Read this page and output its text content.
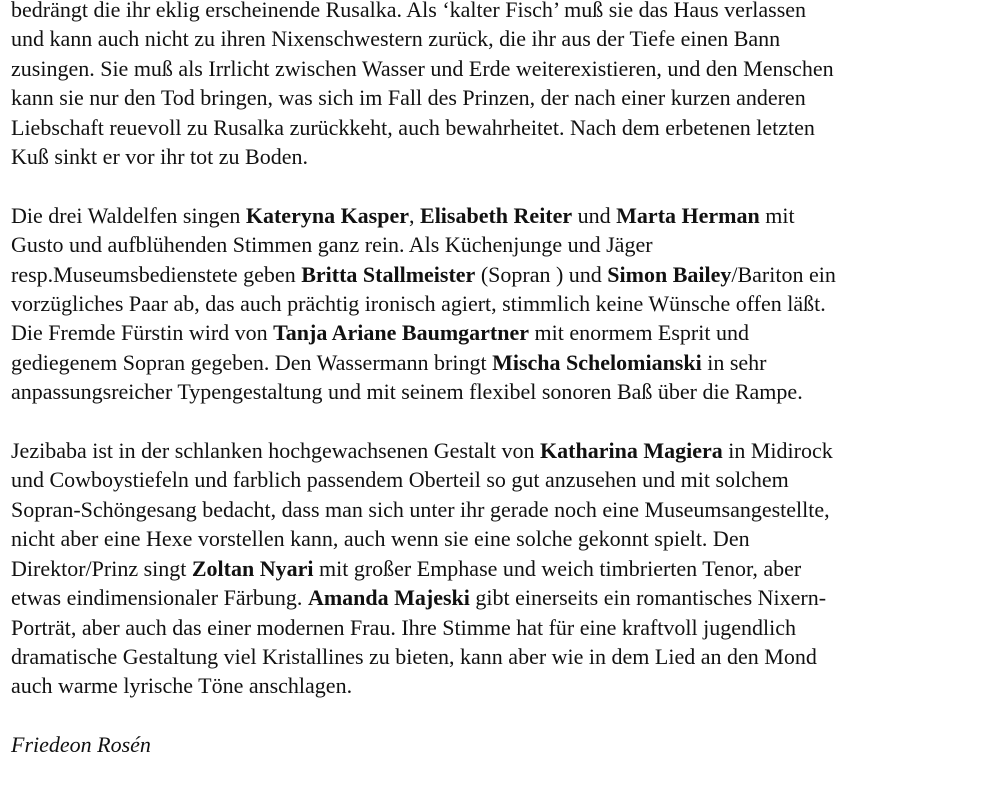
bedrängt die ihr eklig erscheinende Rusalka. Als ‘kalter Fisch’ muß sie das Haus verlassen
und kann auch nicht zu ihren Nixenschwestern zurück, die ihr aus der Tiefe einen Bann
zusingen. Sie muß als Irrlicht zwischen Wasser und Erde weiterexistieren, und den Menschen
kann sie nur den Tod bringen, was sich im Fall des Prinzen, der nach einer kurzen anderen
Liebschaft reuevoll zu Rusalka zurückkeht, auch bewahrheitet. Nach dem erbetenen letzten
Kuß sinkt er vor ihr tot zu Boden.

Die drei Waldelfen singen Kateryna Kasper, Elisabeth Reiter und Marta Herman mit
Gusto und aufblühenden Stimmen ganz rein. Als Küchenjunge und Jäger
resp.Museumsbedienstete geben Britta Stallmeister (Sopran ) und Simon Bailey/Bariton ein
vorzügliches Paar ab, das auch prächtig ironisch agiert, stimmlich keine Wünsche offen läßt.
Die Fremde Fürstin wird von Tanja Ariane Baumgartner mit enormem Esprit und
gediegenem Sopran gegeben. Den Wassermann bringt Mischa Schelomianski in sehr
anpassungsreicher Typengestaltung und mit seinem flexibel sonoren Baß über die Rampe.

Jezibaba ist in der schlanken hochgewachsenen Gestalt von Katharina Magiera in Midirock
und Cowboystiefeln und farblich passendem Oberteil so gut anzusehen und mit solchem
Sopran-Schöngesang bedacht, dass man sich unter ihr gerade noch eine Museumsangestellte,
nicht aber eine Hexe vorstellen kann, auch wenn sie eine solche gekonnt spielt. Den
Direktor/Prinz singt Zoltan Nyari mit großer Emphase und weich timbrierten Tenor, aber
etwas eindimensionaler Färbung. Amanda Majeski gibt einerseits ein romantisches Nixern-
Porträt, aber auch das einer modernen Frau. Ihre Stimme hat für eine kraftvoll jugendlich
dramatische Gestaltung viel Kristallines zu bieten, kann aber wie in dem Lied an den Mond
auch warme lyrische Töne anschlagen.

Friedeon Rosén
